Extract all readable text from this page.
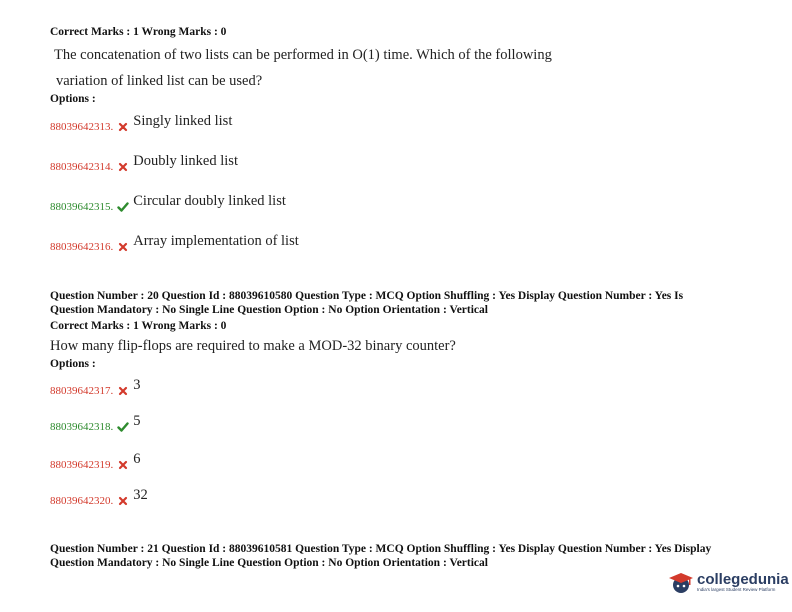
Correct Marks : 1 Wrong Marks : 0
The concatenation of two lists can be performed in O(1) time. Which of the following
variation of linked list can be used?
Options :
88039642313. Singly linked list
88039642314. Doubly linked list
88039642315. Circular doubly linked list
88039642316. Array implementation of list
Question Number : 20 Question Id : 88039610580 Question Type : MCQ Option Shuffling : Yes Display Question Number : Yes Is
Question Mandatory : No Single Line Question Option : No Option Orientation : Vertical
Correct Marks : 1 Wrong Marks : 0
How many flip-flops are required to make a MOD-32 binary counter?
Options :
88039642317. 3
88039642318. 5
88039642319. 6
88039642320. 32
Question Number : 21 Question Id : 88039610581 Question Type : MCQ Option Shuffling : Yes Display Question Number : Yes Display
Question Mandatory : No Single Line Question Option : No Option Orientation : Vertical
collegedunia
India's largest Student Review Platform
